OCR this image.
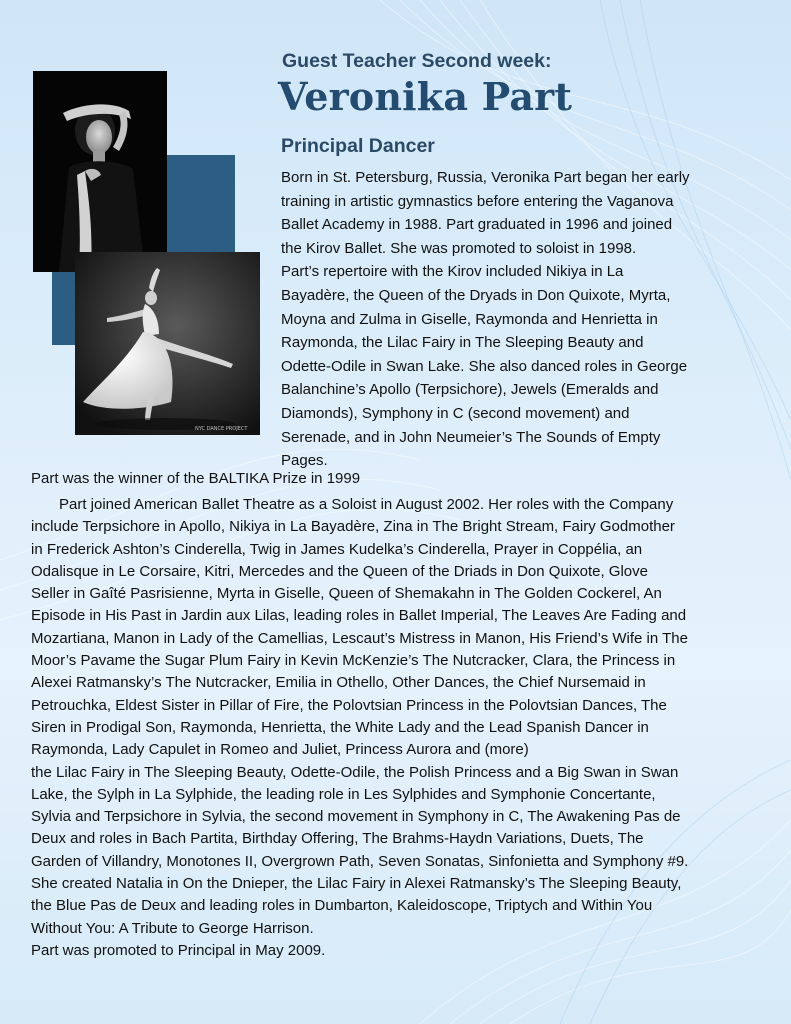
NYC DANCE PROJECT
Guest Teacher Second week:
Veronika Part
Principal Dancer

Born in St. Petersburg, Russia, Veronika Part began her early

training in artistic gymnastics before entering the Vaganova

Ballet Academy in 1988. Part graduated in 1996 and joined

the Kirov Ballet. She was promoted to soloist in 1998.

Part’s repertoire with the Kirov included Nikiya in La

Bayadère, the Queen of the Dryads in Don Quixote, Myrta,

Moyna and Zulma in Giselle, Raymonda and Henrietta in

Raymonda, the Lilac Fairy in The Sleeping Beauty and

Odette-Odile in Swan Lake. She also danced roles in George

Balanchine’s Apollo (Terpsichore), Jewels (Emeralds and

Diamonds), Symphony in C (second movement) and

Serenade, and in John Neumeier’s The Sounds of Empty

Pages.

Part was the winner of the BALTIKA Prize in 1999

Part joined American Ballet Theatre as a Soloist in August 2002. Her roles with the Company

include Terpsichore in Apollo, Nikiya in La Bayadère, Zina in The Bright Stream, Fairy Godmother

in Frederick Ashton’s Cinderella, Twig in James Kudelka’s Cinderella, Prayer in Coppélia, an

Odalisque in Le Corsaire, Kitri, Mercedes and the Queen of the Driads in Don Quixote, Glove

Seller in Gaîté Pasrisienne, Myrta in Giselle, Queen of Shemakahn in The Golden Cockerel, An

Episode in His Past in Jardin aux Lilas, leading roles in Ballet Imperial, The Leaves Are Fading and

Mozartiana, Manon in Lady of the Camellias, Lescaut’s Mistress in Manon, His Friend’s Wife in The

Moor’s Pavame the Sugar Plum Fairy in Kevin McKenzie’s The Nutcracker, Clara, the Princess in

Alexei Ratmansky’s The Nutcracker, Emilia in Othello, Other Dances, the Chief Nursemaid in

Petrouchka, Eldest Sister in Pillar of Fire, the Polovtsian Princess in the Polovtsian Dances, The

Siren in Prodigal Son, Raymonda, Henrietta, the White Lady and the Lead Spanish Dancer in

Raymonda, Lady Capulet in Romeo and Juliet, Princess Aurora and (more)

the Lilac Fairy in The Sleeping Beauty, Odette-Odile, the Polish Princess and a Big Swan in Swan

Lake, the Sylph in La Sylphide, the leading role in Les Sylphides and Symphonie Concertante,

Sylvia and Terpsichore in Sylvia, the second movement in Symphony in C, The Awakening Pas de

Deux and roles in Bach Partita, Birthday Offering, The Brahms-Haydn Variations, Duets, The

Garden of Villandry, Monotones II, Overgrown Path, Seven Sonatas, Sinfonietta and Symphony #9.

She created Natalia in On the Dnieper, the Lilac Fairy in Alexei Ratmansky’s The Sleeping Beauty,

the Blue Pas de Deux and leading roles in Dumbarton, Kaleidoscope, Triptych and Within You

Without You: A Tribute to George Harrison.

Part was promoted to Principal in May 2009.
